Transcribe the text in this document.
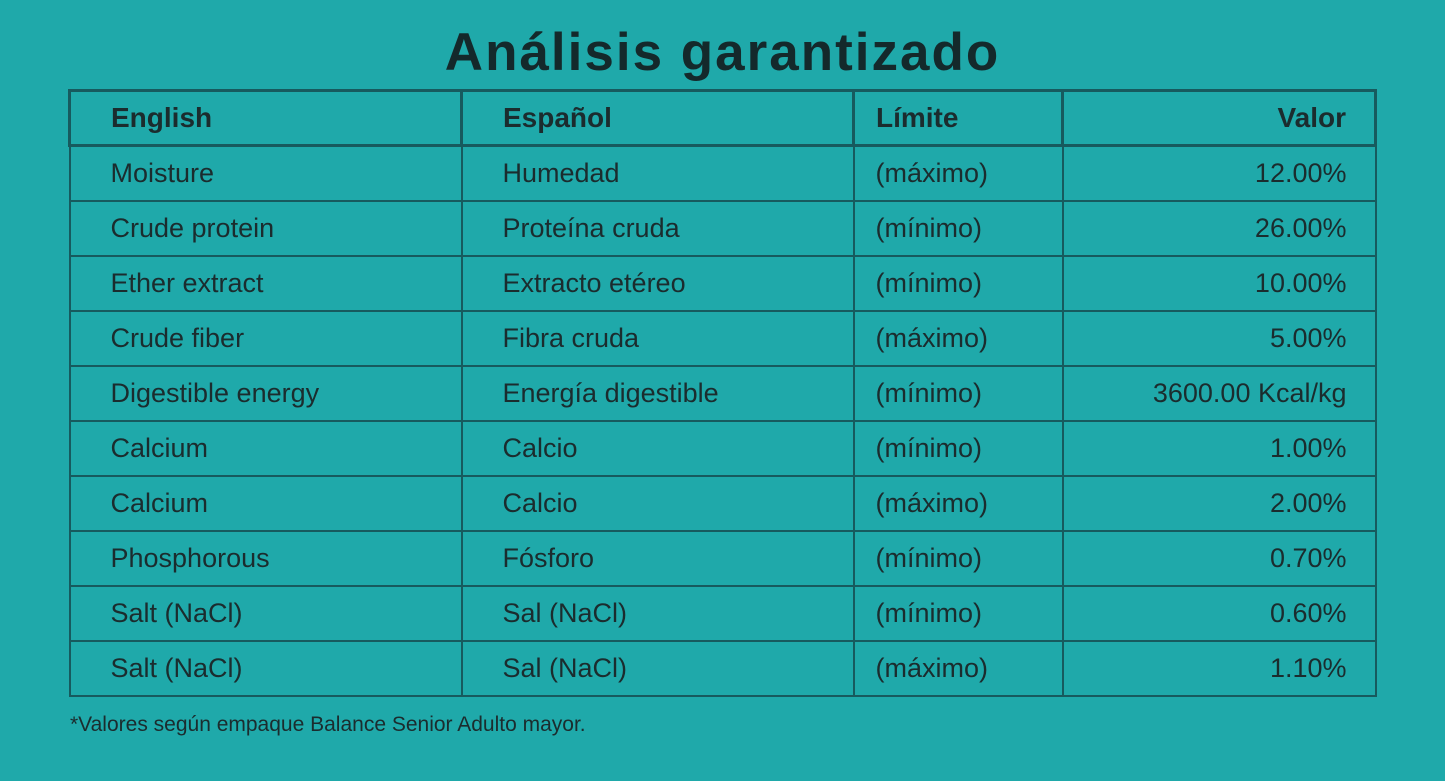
Análisis garantizado
English	Español	Límite	Valor
Moisture	Humedad	(máximo)	12.00%
Crude protein	Proteína cruda	(mínimo)	26.00%
Ether extract	Extracto etéreo	(mínimo)	10.00%
Crude fiber	Fibra cruda	(máximo)	5.00%
Digestible energy	Energía digestible	(mínimo)	3600.00 Kcal/kg
Calcium	Calcio	(mínimo)	1.00%
Calcium	Calcio	(máximo)	2.00%
Phosphorous	Fósforo	(mínimo)	0.70%
Salt (NaCl)	Sal (NaCl)	(mínimo)	0.60%
Salt (NaCl)	Sal (NaCl)	(máximo)	1.10%
*Valores según empaque Balance Senior Adulto mayor.
